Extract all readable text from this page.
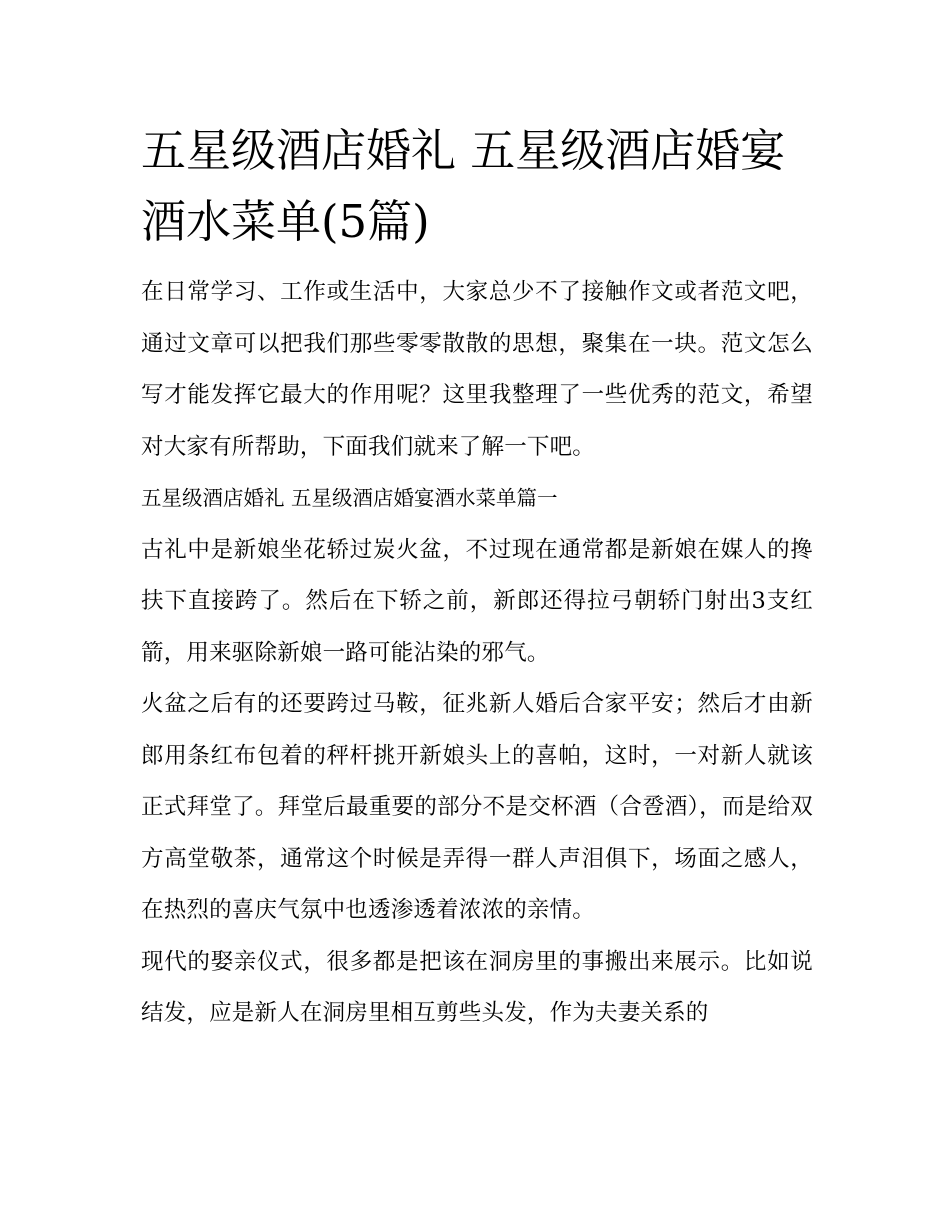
五星级酒店婚礼 五星级酒店婚宴酒水菜单(5篇)

在日常学习、工作或生活中，大家总少不了接触作文或者范文吧，通过文章可以把我们那些零零散散的思想，聚集在一块。范文怎么写才能发挥它最大的作用呢？这里我整理了一些优秀的范文，希望对大家有所帮助，下面我们就来了解一下吧。

五星级酒店婚礼 五星级酒店婚宴酒水菜单篇一

古礼中是新娘坐花轿过炭火盆，不过现在通常都是新娘在媒人的搀扶下直接跨了。然后在下轿之前，新郎还得拉弓朝轿门射出3支红箭，用来驱除新娘一路可能沾染的邪气。

火盆之后有的还要跨过马鞍，征兆新人婚后合家平安；然后才由新郎用条红布包着的秤杆挑开新娘头上的喜帕，这时，一对新人就该正式拜堂了。拜堂后最重要的部分不是交杯酒（合卺酒），而是给双方高堂敬茶，通常这个时候是弄得一群人声泪俱下，场面之感人，在热烈的喜庆气氛中也透渗透着浓浓的亲情。

现代的娶亲仪式，很多都是把该在洞房里的事搬出来展示。比如说结发，应是新人在洞房里相互剪些头发，作为夫妻关系的
